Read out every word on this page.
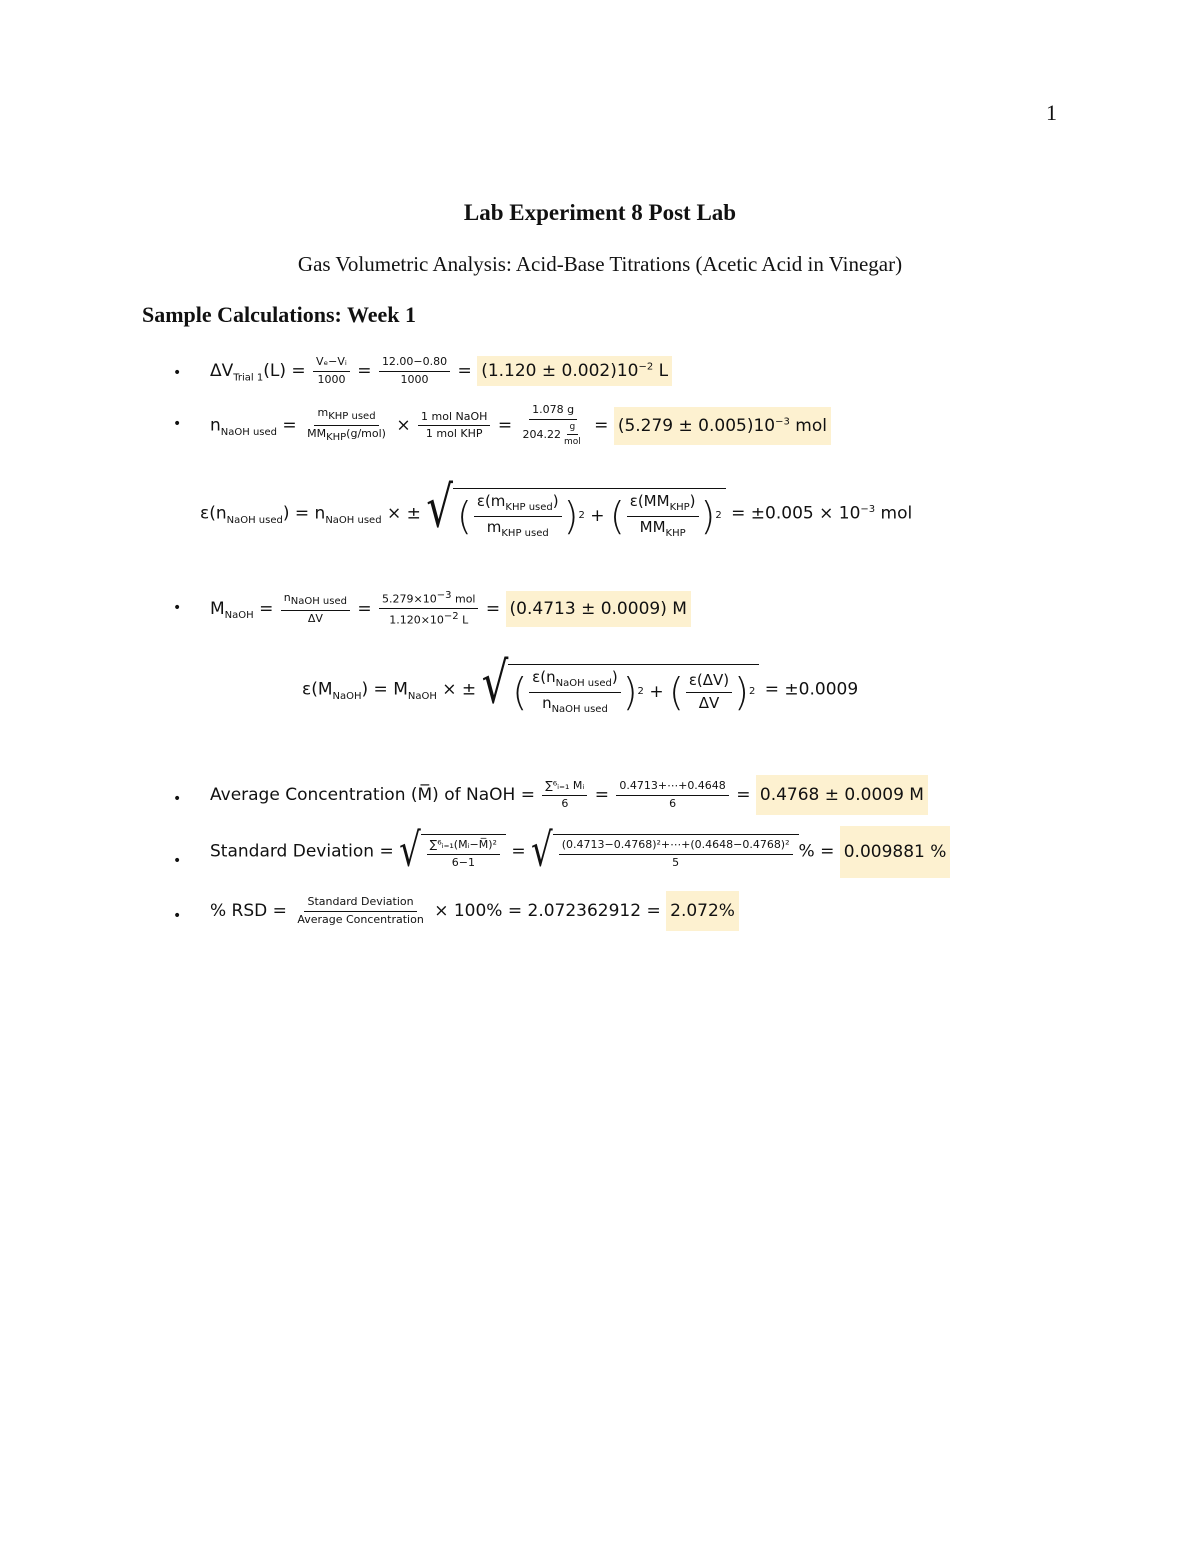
1
Lab Experiment 8 Post Lab
Gas Volumetric Analysis: Acid-Base Titrations (Acetic Acid in Vinegar)
Sample Calculations: Week 1
• $\Delta V_{Trial 1}(L) = \frac{\text{Vₑ−Vᵢ}}{1000} = \frac{12.00-0.80}{1000} = (1.120 \pm 0.002)10^{-2}$ L
• $n_{NaOH used} = \frac{m_{KHP used}}{MM_{KHP}(g/mol)} \times \frac{\text{1 mol NaOH}}{\text{1 mol KHP}} = \frac{1.078 g}{204.22 \frac{g}{\text{mol}}} = (5.279 \pm 0.005)10^{-3}$ mol
$\varepsilon(n_{NaOH used}) = n_{NaOH used}$ × ± √ ( $\frac{\varepsilon(m_{KHP used})}{m_{KHP used}}$ ) 2 + ( $\frac{\varepsilon(MM_{KHP})}{MM_{KHP}}$ ) $2 = \pm 0.005 \times 10^{-3}$ mol
• $M_{NaOH} = \frac{n_{NaOH used}}{\Delta V} = \frac{5.279\times 10^{-3} mol}{1.120\times 10^{-2} L} = (0.4713 \pm 0.0009)$ M
$\varepsilon(M_{NaOH}) = M_{NaOH}$ × ± √ ( $\frac{\varepsilon(n_{NaOH used})}{n_{NaOH used}}$ ) 2 + ( $\frac{\varepsilon(\Delta V)}{\Delta V}$ ) 2 = ±0.0009
• Average Concentration (M̅) of NaOH = $\frac{\text{∑⁶ᵢ₌₁ Mᵢ}}{6} = \frac{0.4713+\cdots+0.4648}{6} = 0.4768 \pm 0.0009$ M
• Standard Deviation = √ $\frac{\text{∑⁶ᵢ₌₁(Mᵢ−M̅)²}}{6-1}$ = √ $\frac{\text{(0.4713−0.4768)²+⋯+(0.4648−0.4768)²}}{5}$ % = 0.009881 %
• % RSD = $\frac{\text{Standard Deviation}}{\text{Average Concentration}} \times 100\% = 2.072362912 = 2.072\%$
